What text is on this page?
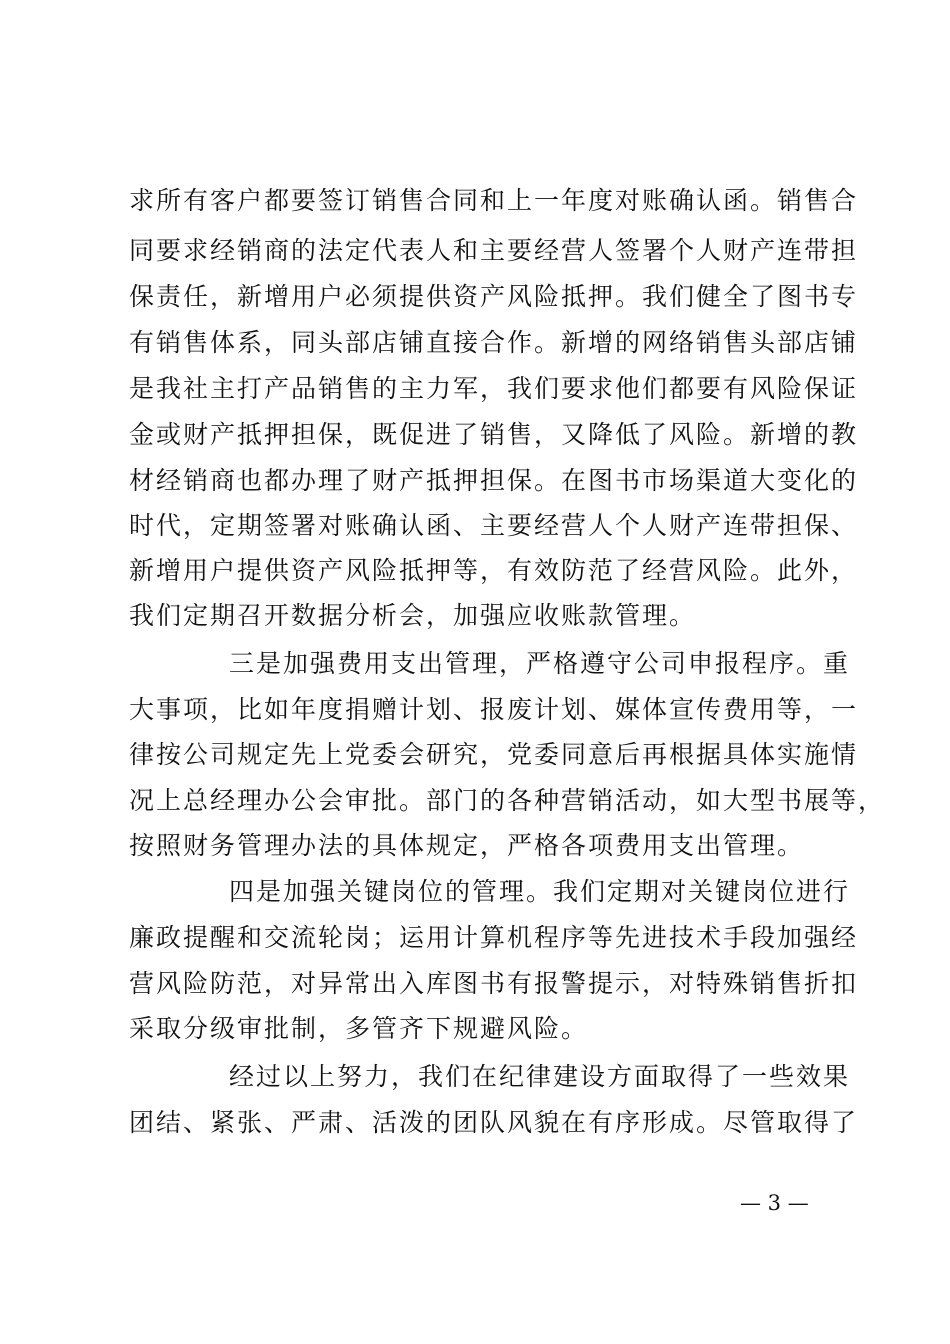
求所有客户都要签订销售合同和上一年度对账确认函。销售合
同要求经销商的法定代表人和主要经营人签署个人财产连带担
保责任，新增用户必须提供资产风险抵押。我们健全了图书专
有销售体系，同头部店铺直接合作。新增的网络销售头部店铺
是我社主打产品销售的主力军，我们要求他们都要有风险保证
金或财产抵押担保，既促进了销售，又降低了风险。新增的教
材经销商也都办理了财产抵押担保。在图书市场渠道大变化的
时代，定期签署对账确认函、主要经营人个人财产连带担保、
新增用户提供资产风险抵押等，有效防范了经营风险。此外，
我们定期召开数据分析会，加强应收账款管理。
三是加强费用支出管理，严格遵守公司申报程序。重
大事项，比如年度捐赠计划、报废计划、媒体宣传费用等，一
律按公司规定先上党委会研究，党委同意后再根据具体实施情
况上总经理办公会审批。部门的各种营销活动，如大型书展等，
按照财务管理办法的具体规定，严格各项费用支出管理。
四是加强关键岗位的管理。我们定期对关键岗位进行
廉政提醒和交流轮岗；运用计算机程序等先进技术手段加强经
营风险防范，对异常出入库图书有报警提示，对特殊销售折扣
采取分级审批制，多管齐下规避风险。
经过以上努力，我们在纪律建设方面取得了一些效果
团结、紧张、严肃、活泼的团队风貌在有序形成。尽管取得了
— 3 —
